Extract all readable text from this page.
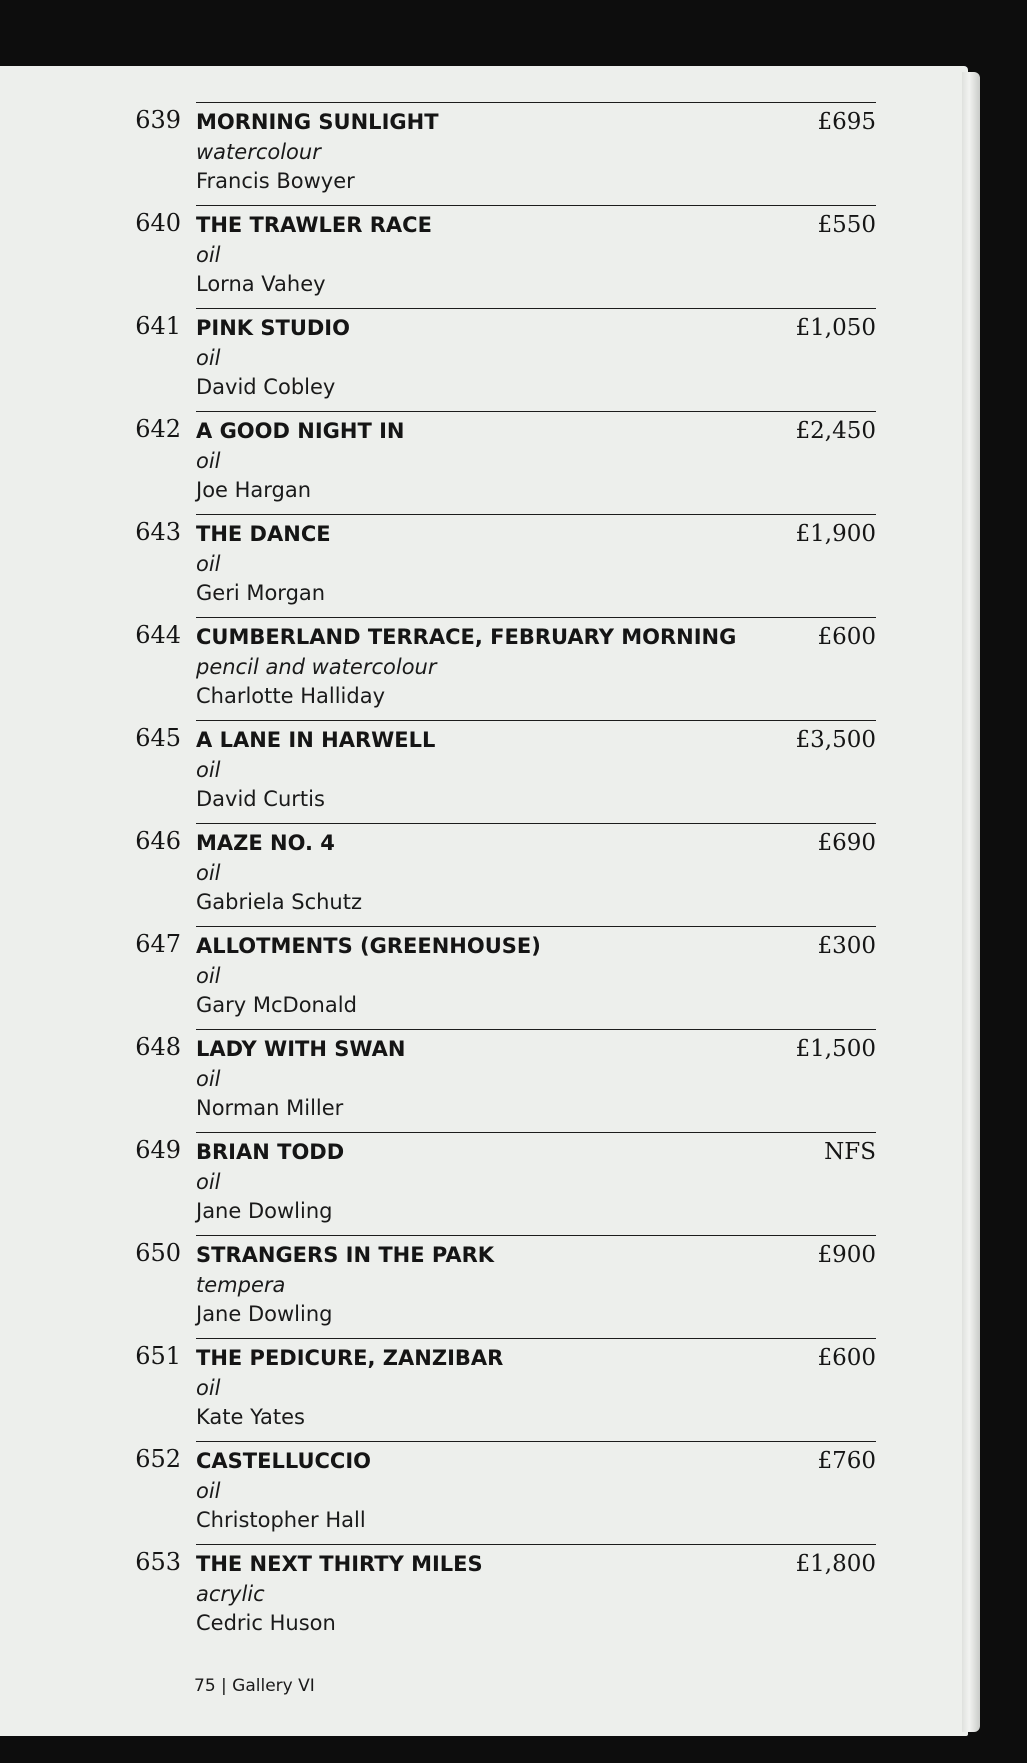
639 MORNING SUNLIGHT
watercolour
Francis Bowyer
£695
640 THE TRAWLER RACE
oil
Lorna Vahey
£550
641 PINK STUDIO
oil
David Cobley
£1,050
642 A GOOD NIGHT IN
oil
Joe Hargan
£2,450
643 THE DANCE
oil
Geri Morgan
£1,900
644 CUMBERLAND TERRACE, FEBRUARY MORNING
pencil and watercolour
Charlotte Halliday
£600
645 A LANE IN HARWELL
oil
David Curtis
£3,500
646 MAZE NO. 4
oil
Gabriela Schutz
£690
647 ALLOTMENTS (GREENHOUSE)
oil
Gary McDonald
£300
648 LADY WITH SWAN
oil
Norman Miller
£1,500
649 BRIAN TODD
oil
Jane Dowling
NFS
650 STRANGERS IN THE PARK
tempera
Jane Dowling
£900
651 THE PEDICURE, ZANZIBAR
oil
Kate Yates
£600
652 CASTELLUCCIO
oil
Christopher Hall
£760
653 THE NEXT THIRTY MILES
acrylic
Cedric Huson
£1,800
75 | Gallery VI
